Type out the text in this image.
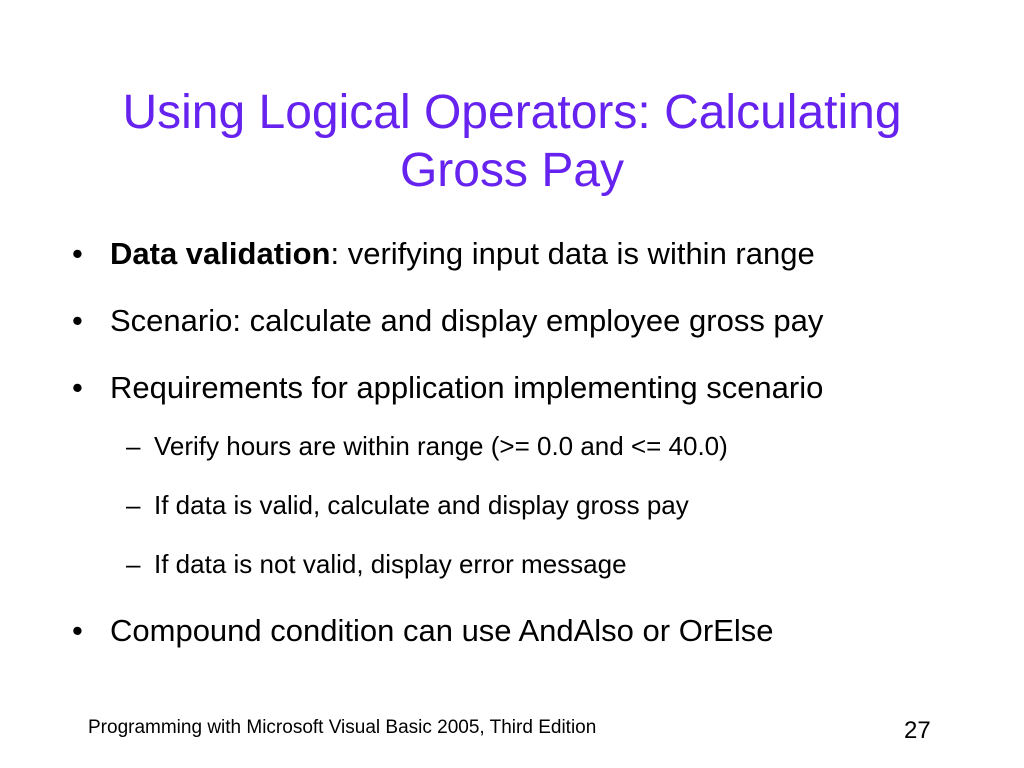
Using Logical Operators: Calculating
Gross Pay
• Data validation: verifying input data is within range
• Scenario: calculate and display employee gross pay
• Requirements for application implementing scenario
– Verify hours are within range (>= 0.0 and <= 40.0)
– If data is valid, calculate and display gross pay
– If data is not valid, display error message
• Compound condition can use AndAlso or OrElse
Programming with Microsoft Visual Basic 2005, Third Edition	27
